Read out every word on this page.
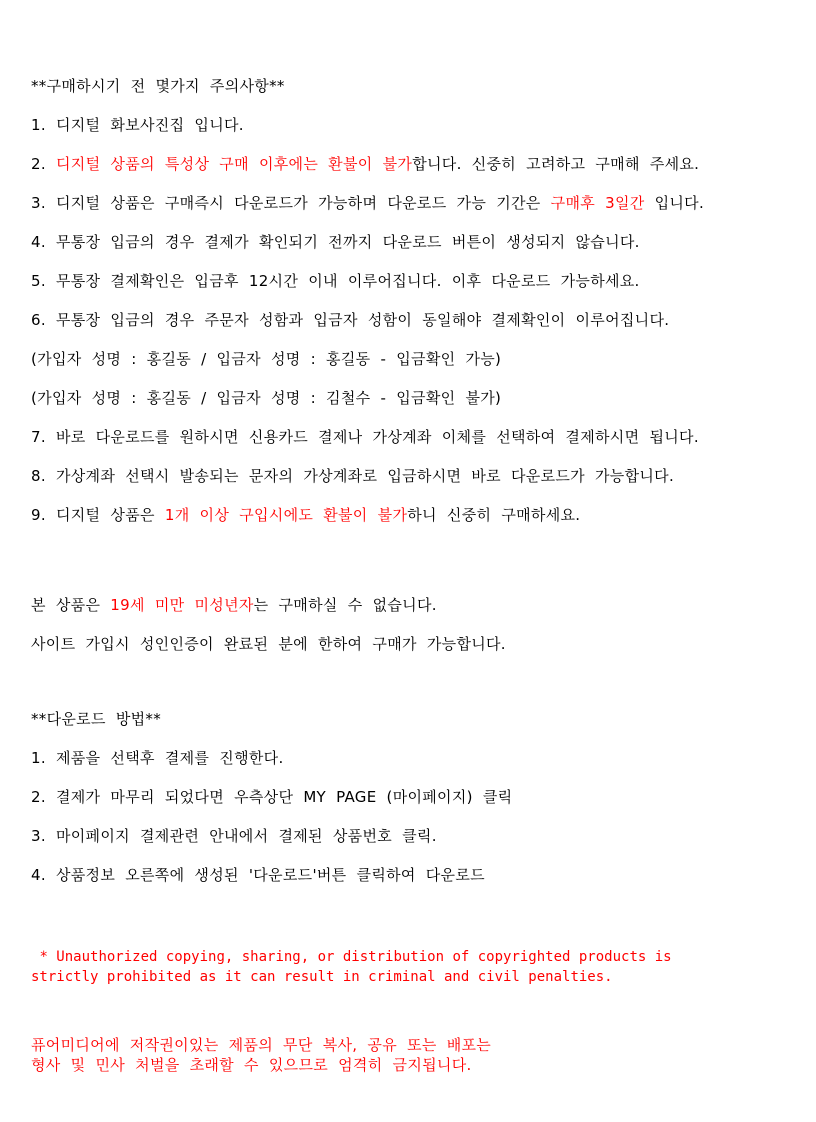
**구매하시기 전 몇가지 주의사항**

1. 디지털 화보사진집 입니다.

2. 디지털 상품의 특성상 구매 이후에는 환불이 불가합니다. 신중히 고려하고 구매해 주세요.

3. 디지털 상품은 구매즉시 다운로드가 가능하며 다운로드 가능 기간은 구매후 3일간 입니다.

4. 무통장 입금의 경우 결제가 확인되기 전까지 다운로드 버튼이 생성되지 않습니다.

5. 무통장 결제확인은 입금후 12시간 이내 이루어집니다. 이후 다운로드 가능하세요.

6. 무통장 입금의 경우 주문자 성함과 입금자 성함이 동일해야 결제확인이 이루어집니다.

(가입자 성명 : 홍길동 / 입금자 성명 : 홍길동 - 입금확인 가능)

(가입자 성명 : 홍길동 / 입금자 성명 : 김철수 - 입금확인 불가)

7. 바로 다운로드를 원하시면 신용카드 결제나 가상계좌 이체를 선택하여 결제하시면 됩니다.

8. 가상계좌 선택시 발송되는 문자의 가상계좌로 입금하시면 바로 다운로드가 가능합니다.

9. 디지털 상품은 1개 이상 구입시에도 환불이 불가하니 신중히 구매하세요.

본 상품은 19세 미만 미성년자는 구매하실 수 없습니다.

사이트 가입시 성인인증이 완료된 분에 한하여 구매가 가능합니다.

**다운로드 방법**

1. 제품을 선택후 결제를 진행한다.

2. 결제가 마무리 되었다면 우측상단 MY PAGE (마이페이지) 클릭

3. 마이페이지 결제관련 안내에서 결제된 상품번호 클릭.

4. 상품정보 오른쪽에 생성된 '다운로드'버튼 클릭하여 다운로드

* Unauthorized copying, sharing, or distribution of copyrighted products is

strictly prohibited as it can result in criminal and civil penalties.

퓨어미디어에 저작권이있는 제품의 무단 복사, 공유 또는 배포는

형사 및 민사 처벌을 초래할 수 있으므로 엄격히 금지됩니다.
